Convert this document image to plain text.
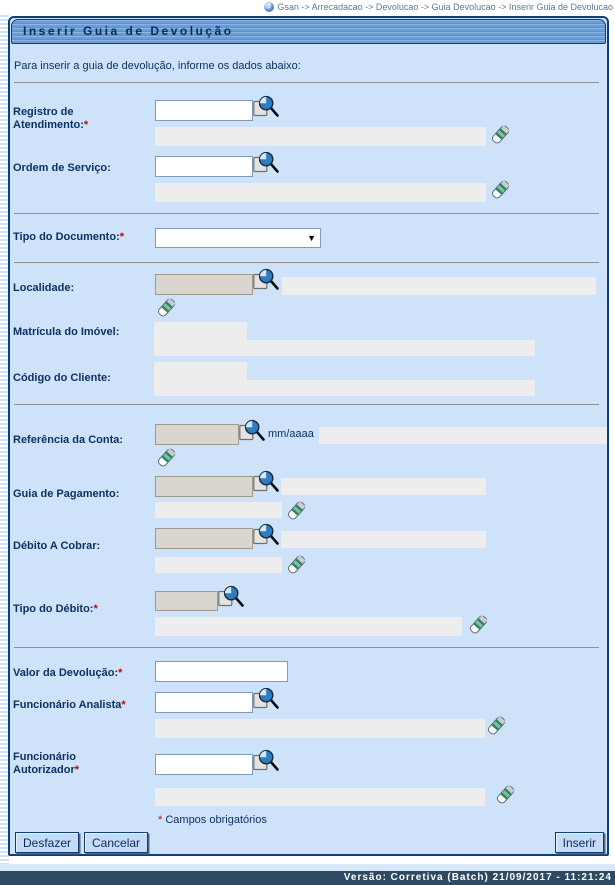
? Gsan -> Arrecadacao -> Devolucao -> Guia Devolucao -> Inserir Guia de Devolucao
Inserir Guia de Devolução
Para inserir a guia de devolução, informe os dados abaixo:
Registro de Atendimento:*
Ordem de Serviço:
Tipo do Documento:*	▼
Localidade:
Matrícula do Imóvel:
Código do Cliente:
Referência da Conta:	mm/aaaa
Guia de Pagamento:
Débito A Cobrar:
Tipo do Débito:*
Valor da Devolução:*
Funcionário Analista*
Funcionário Autorizador*
* Campos obrigatórios
Desfazer	Cancelar	Inserir
Versão: Corretiva (Batch) 21/09/2017 - 11:21:24
